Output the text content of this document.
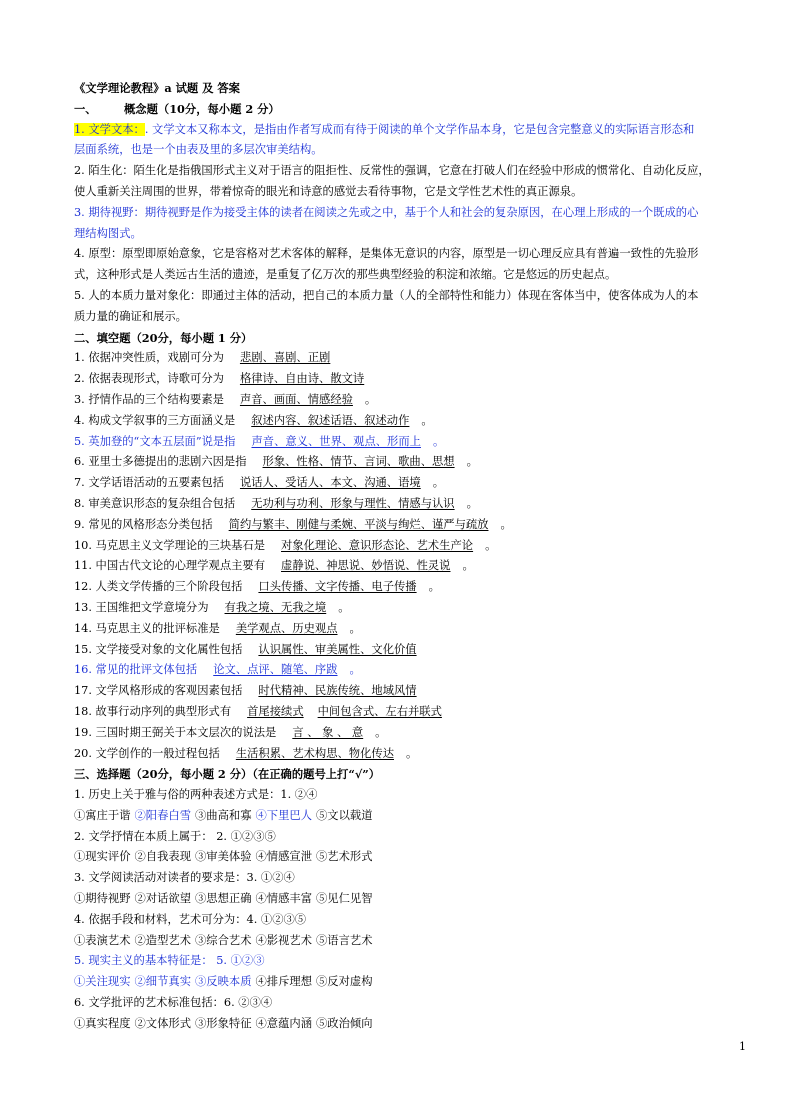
《文学理论教程》a 试题 及 答案
一、 概念题（10分，每小题 2 分）
1. 文学文本：. 文学文本又称本文，是指由作者写成而有待于阅读的单个文学作品本身，它是包含完整意义的实际语言形态和
层面系统，也是一个由表及里的多层次审美结构。
2. 陌生化：陌生化是指俄国形式主义对于语言的阻拒性、反常性的强调，它意在打破人们在经验中形成的惯常化、自动化反应，
使人重新关注周围的世界，带着惊奇的眼光和诗意的感觉去看待事物，它是文学性艺术性的真正源泉。
3. 期待视野：期待视野是作为接受主体的读者在阅读之先或之中，基于个人和社会的复杂原因，在心理上形成的一个既成的心
理结构图式。
4. 原型：原型即原始意象，它是容格对艺术客体的解释，是集体无意识的内容，原型是一切心理反应具有普遍一致性的先验形
式，这种形式是人类远古生活的遗迹，是重复了亿万次的那些典型经验的积淀和浓缩。它是悠远的历史起点。
5. 人的本质力量对象化：即通过主体的活动，把自己的本质力量（人的全部特性和能力）体现在客体当中，使客体成为人的本
质力量的确证和展示。
二、填空题（20分，每小题 1 分）
1. 依据冲突性质，戏剧可分为 悲剧、喜剧、正剧
2. 依据表现形式，诗歌可分为 格律诗、自由诗、散文诗
3. 抒情作品的三个结构要素是 声音、画面、情感经验 。
4. 构成文学叙事的三方面涵义是 叙述内容、叙述话语、叙述动作 。
5. 英加登的“文本五层面”说是指 声音、意义、世界、观点、形而上 。
6. 亚里士多德提出的悲剧六因是指 形象、性格、情节、言词、歌曲、思想 。
7. 文学话语活动的五要素包括 说话人、受话人、本文、沟通、语境 。
8. 审美意识形态的复杂组合包括 无功利与功利、形象与理性、情感与认识 。
9. 常见的风格形态分类包括 简约与繁丰、刚健与柔婉、平淡与绚烂、谨严与疏放 。
10. 马克思主义文学理论的三块基石是 对象化理论、意识形态论、艺术生产论 。
11. 中国古代文论的心理学观点主要有 虚静说、神思说、妙悟说、性灵说 。
12. 人类文学传播的三个阶段包括 口头传播、文字传播、电子传播 。
13. 王国维把文学意境分为 有我之境、无我之境 。
14. 马克思主义的批评标准是 美学观点、历史观点 。
15. 文学接受对象的文化属性包括 认识属性、审美属性、文化价值
16. 常见的批评文体包括 论文、点评、随笔、序跋 。
17. 文学风格形成的客观因素包括 时代精神、民族传统、地域风情
18. 故事行动序列的典型形式有 首尾接续式 中间包含式、左右并联式
19. 三国时期王弼关于本文层次的说法是 言 、 象 、 意 。
20. 文学创作的一般过程包括 生活积累、艺术构思、物化传达 。
三、选择题（20分，每小题 2 分）（在正确的题号上打“√”）
1. 历史上关于雅与俗的两种表述方式是：1. ②④
①寓庄于谐 ②阳春白雪 ③曲高和寡 ④下里巴人 ⑤文以载道
2. 文学抒情在本质上属于： 2. ①②③⑤
①现实评价 ②自我表现 ③审美体验 ④情感宣泄 ⑤艺术形式
3. 文学阅读活动对读者的要求是：3. ①②④
①期待视野 ②对话欲望 ③思想正确 ④情感丰富 ⑤见仁见智
4. 依据手段和材料，艺术可分为：4. ①②③⑤
①表演艺术 ②造型艺术 ③综合艺术 ④影视艺术 ⑤语言艺术
5. 现实主义的基本特征是： 5. ①②③
①关注现实 ②细节真实 ③反映本质 ④排斥理想 ⑤反对虚构
6. 文学批评的艺术标准包括：6. ②③④
①真实程度 ②文体形式 ③形象特征 ④意蕴内涵 ⑤政治倾向
1
